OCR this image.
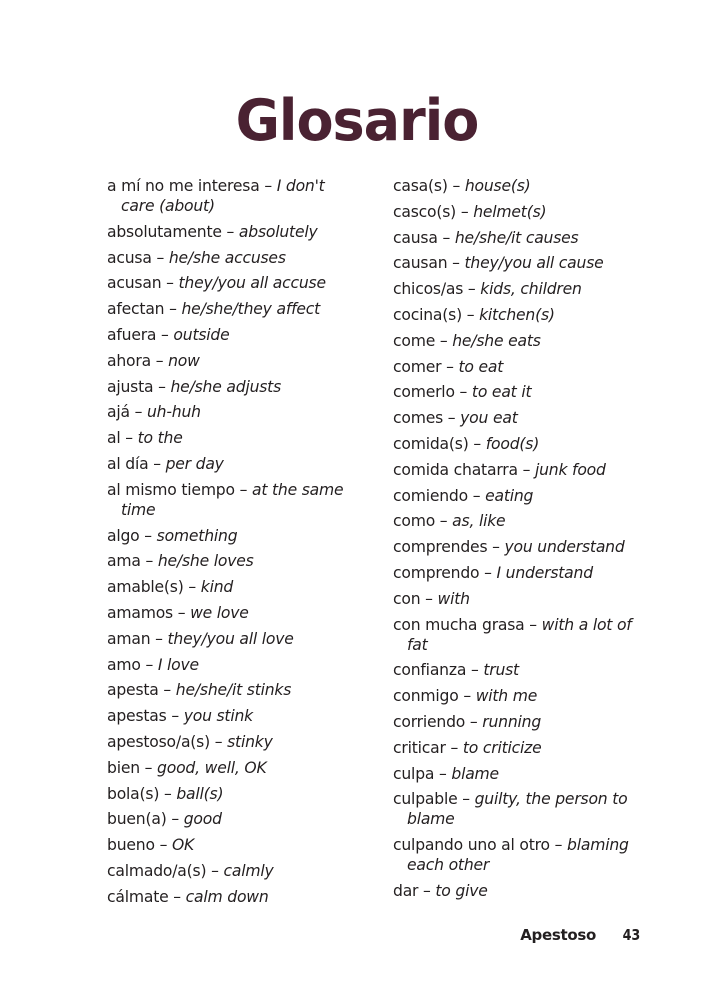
Glosario
a mí no me interesa – I don't care (about)
absolutamente – absolutely
acusa – he/she accuses
acusan – they/you all accuse
afectan – he/she/they affect
afuera – outside
ahora – now
ajusta – he/she adjusts
ajá – uh-huh
al – to the
al día – per day
al mismo tiempo – at the same time
algo – something
ama – he/she loves
amable(s) – kind
amamos – we love
aman – they/you all love
amo – I love
apesta – he/she/it stinks
apestas – you stink
apestoso/a(s) – stinky
bien – good, well, OK
bola(s) – ball(s)
buen(a) – good
bueno – OK
calmado/a(s) – calmly
cálmate – calm down
casa(s) – house(s)
casco(s) – helmet(s)
causa – he/she/it causes
causan – they/you all cause
chicos/as – kids, children
cocina(s) – kitchen(s)
come – he/she eats
comer – to eat
comerlo – to eat it
comes – you eat
comida(s) – food(s)
comida chatarra – junk food
comiendo – eating
como – as, like
comprendes – you understand
comprendo – I understand
con – with
con mucha grasa – with a lot of fat
confianza – trust
conmigo – with me
corriendo – running
criticar – to criticize
culpa – blame
culpable – guilty, the person to blame
culpando uno al otro – blaming each other
dar – to give
Apestoso 43
